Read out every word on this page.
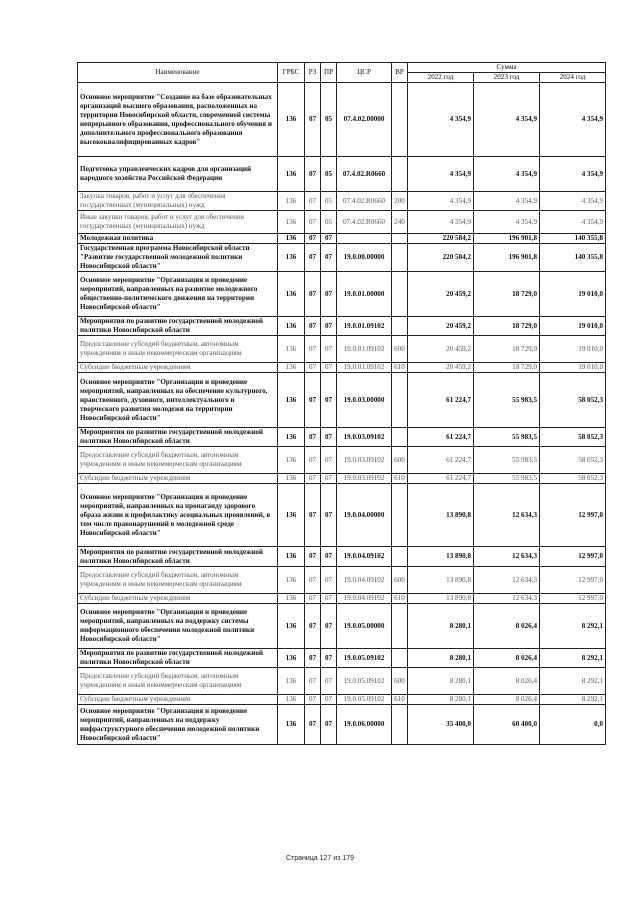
Наименование	ГРБС	РЗ	ПР	ЦСР	ВР	Сумма		
						2022 год	2023 год	2024 год
Основное мероприятие "Создание на базе образовательных организаций высшего образования, расположенных на территории Новосибирской области, современной системы непрерывного образования, профессионального обучения и дополнительного профессионального образования высококвалифицированных кадров"	136	07	05	07.4.02.00000		4 354,9	4 354,9	4 354,9
Подготовка управленческих кадров для организаций народного хозяйства Российской Федерации	136	07	05	07.4.02.R0660		4 354,9	4 354,9	4 354,9
Закупка товаров, работ и услуг для обеспечения государственных (муниципальных) нужд	136	07	05	07.4.02.R0660	200	4 354,9	4 354,9	4 354,9
Иные закупки товаров, работ и услуг для обеспечения государственных (муниципальных) нужд	136	07	05	07.4.02.R0660	240	4 354,9	4 354,9	4 354,9
Молодежная политика	136	07	07			220 584,2	196 901,8	140 355,8
Государственная программа Новосибирской области "Развитие государственной молодежной политики Новосибирской области"	136	07	07	19.0.00.00000		220 584,2	196 901,8	140 355,8
Основное мероприятие "Организация и проведение мероприятий, направленных на развитие молодежного общественно-политического движения на территории Новосибирской области"	136	07	07	19.0.01.00000		20 459,2	18 729,0	19 010,0
Мероприятия по развитию государственной молодежной политики Новосибирской области	136	07	07	19.0.01.09102		20 459,2	18 729,0	19 010,0
Предоставление субсидий бюджетным, автономным учреждениям и иным некоммерческим организациям	136	07	07	19.0.01.09102	600	20 459,2	18 729,0	19 010,0
Субсидии бюджетным учреждениям	136	07	07	19.0.01.09102	610	20 459,2	18 729,0	19 010,0
Основное мероприятие "Организация и проведение мероприятий, направленных на обеспечение культурного, нравственного, духовного, интеллектуального и творческого развития молодежи на территории Новосибирской области"	136	07	07	19.0.03.00000		61 224,7	55 983,5	58 052,3
Мероприятия по развитию государственной молодежной политики Новосибирской области	136	07	07	19.0.03.09102		61 224,7	55 983,5	58 052,3
Предоставление субсидий бюджетным, автономным учреждениям и иным некоммерческим организациям	136	07	07	19.0.03.09102	600	61 224,7	55 983,5	58 052,3
Субсидии бюджетным учреждениям	136	07	07	19.0.03.09102	610	61 224,7	55 983,5	58 052,3
Основное мероприятие "Организация и проведение мероприятий, направленных на пропаганду здорового образа жизни и профилактику асоциальных проявлений, в том числе правонарушений в молодежной среде Новосибирской области"	136	07	07	19.0.04.00000		13 890,8	12 634,3	12 997,0
Мероприятия по развитию государственной молодежной политики Новосибирской области	136	07	07	19.0.04.09102		13 890,8	12 634,3	12 997,0
Предоставление субсидий бюджетным, автономным учреждениям и иным некоммерческим организациям	136	07	07	19.0.04.09102	600	13 890,8	12 634,3	12 997,0
Субсидии бюджетным учреждениям	136	07	07	19.0.04.09102	610	13 890,8	12 634,3	12 997,0
Основное мероприятие "Организация и проведение мероприятий, направленных на поддержку системы информационного обеспечения молодежной политики Новосибирской области"	136	07	07	19.0.05.00000		8 280,1	8 026,4	8 292,1
Мероприятия по развитию государственной молодежной политики Новосибирской области	136	07	07	19.0.05.09102		8 280,1	8 026,4	8 292,1
Предоставление субсидий бюджетным, автономным учреждениям и иным некоммерческим организациям	136	07	07	19.0.05.09102	600	8 280,1	8 026,4	8 292,1
Субсидии бюджетным учреждениям	136	07	07	19.0.05.09102	610	8 280,1	8 026,4	8 292,1
Основное мероприятие "Организация и проведение мероприятий, направленных на поддержку инфраструктурного обеспечения молодежной политики Новосибирской области"	136	07	07	19.0.06.00000		35 400,0	60 400,0	0,0
Страница 127 из 179
